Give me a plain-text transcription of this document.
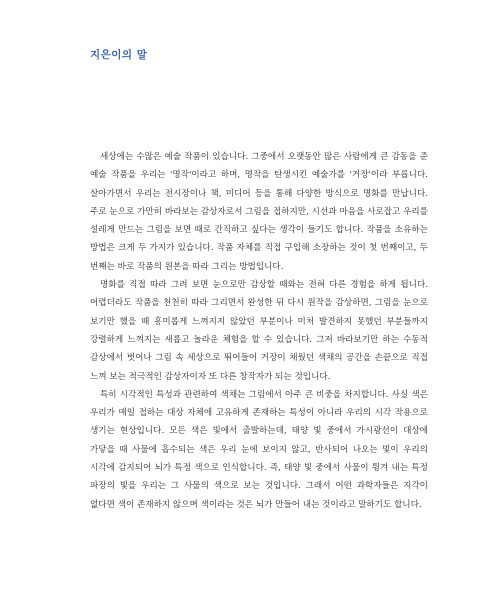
지은이의 말

세상에는 수많은 예술 작품이 있습니다. 그중에서 오랫동안 많은 사람에게 큰 감동을 준 예술 작품을 우리는 '명작'이라고 하며, 명작을 탄생시킨 예술가를 '거장'이라 부릅니다. 살아가면서 우리는 전시장이나 책, 미디어 등을 통해 다양한 방식으로 명화를 만납니다. 주로 눈으로 가만히 바라보는 감상자로서 그림을 접하지만, 시선과 마음을 사로잡고 우리를 설레게 만드는 그림을 보면 때로 간직하고 싶다는 생각이 들기도 합니다. 작품을 소유하는 방법은 크게 두 가지가 있습니다. 작품 자체를 직접 구입해 소장하는 것이 첫 번째이고, 두 번째는 바로 작품의 원본을 따라 그리는 방법입니다.

명화를 직접 따라 그려 보면 눈으로만 감상할 때와는 전혀 다른 경험을 하게 됩니다. 어렵더라도 작품을 천천히 따라 그리면서 완성한 뒤 다시 원작을 감상하면, 그림을 눈으로 보기만 했을 때 흥미롭게 느껴지지 않았던 부분이나 미처 발견하지 못했던 부분들까지 강렬하게 느껴지는 새롭고 놀라운 체험을 할 수 있습니다. 그저 바라보기만 하는 수동적 감상에서 벗어나 그림 속 세상으로 뛰어들어 거장이 채웠던 색채의 공간을 손끝으로 직접 느껴 보는 적극적인 감상자이자 또 다른 창작자가 되는 것입니다.

특히 시각적인 특성과 관련하여 색채는 그림에서 아주 큰 비중을 차지합니다. 사실 색은 우리가 매일 접하는 대상 자체에 고유하게 존재하는 특성이 아니라 우리의 시각 작용으로 생기는 현상입니다. 모든 색은 빛에서 출발하는데, 태양 빛 중에서 가시광선이 대상에 가닿을 때 사물에 흡수되는 색은 우리 눈에 보이지 않고, 반사되어 나오는 빛이 우리의 시각에 감지되어 뇌가 특정 색으로 인식합니다. 즉, 태양 빛 중에서 사물이 튕겨 내는 특정 파장의 빛을 우리는 그 사물의 색으로 보는 것입니다. 그래서 어떤 과학자들은 지각이 없다면 색이 존재하지 않으며 색이라는 것은 뇌가 만들어 내는 것이라고 말하기도 합니다.
